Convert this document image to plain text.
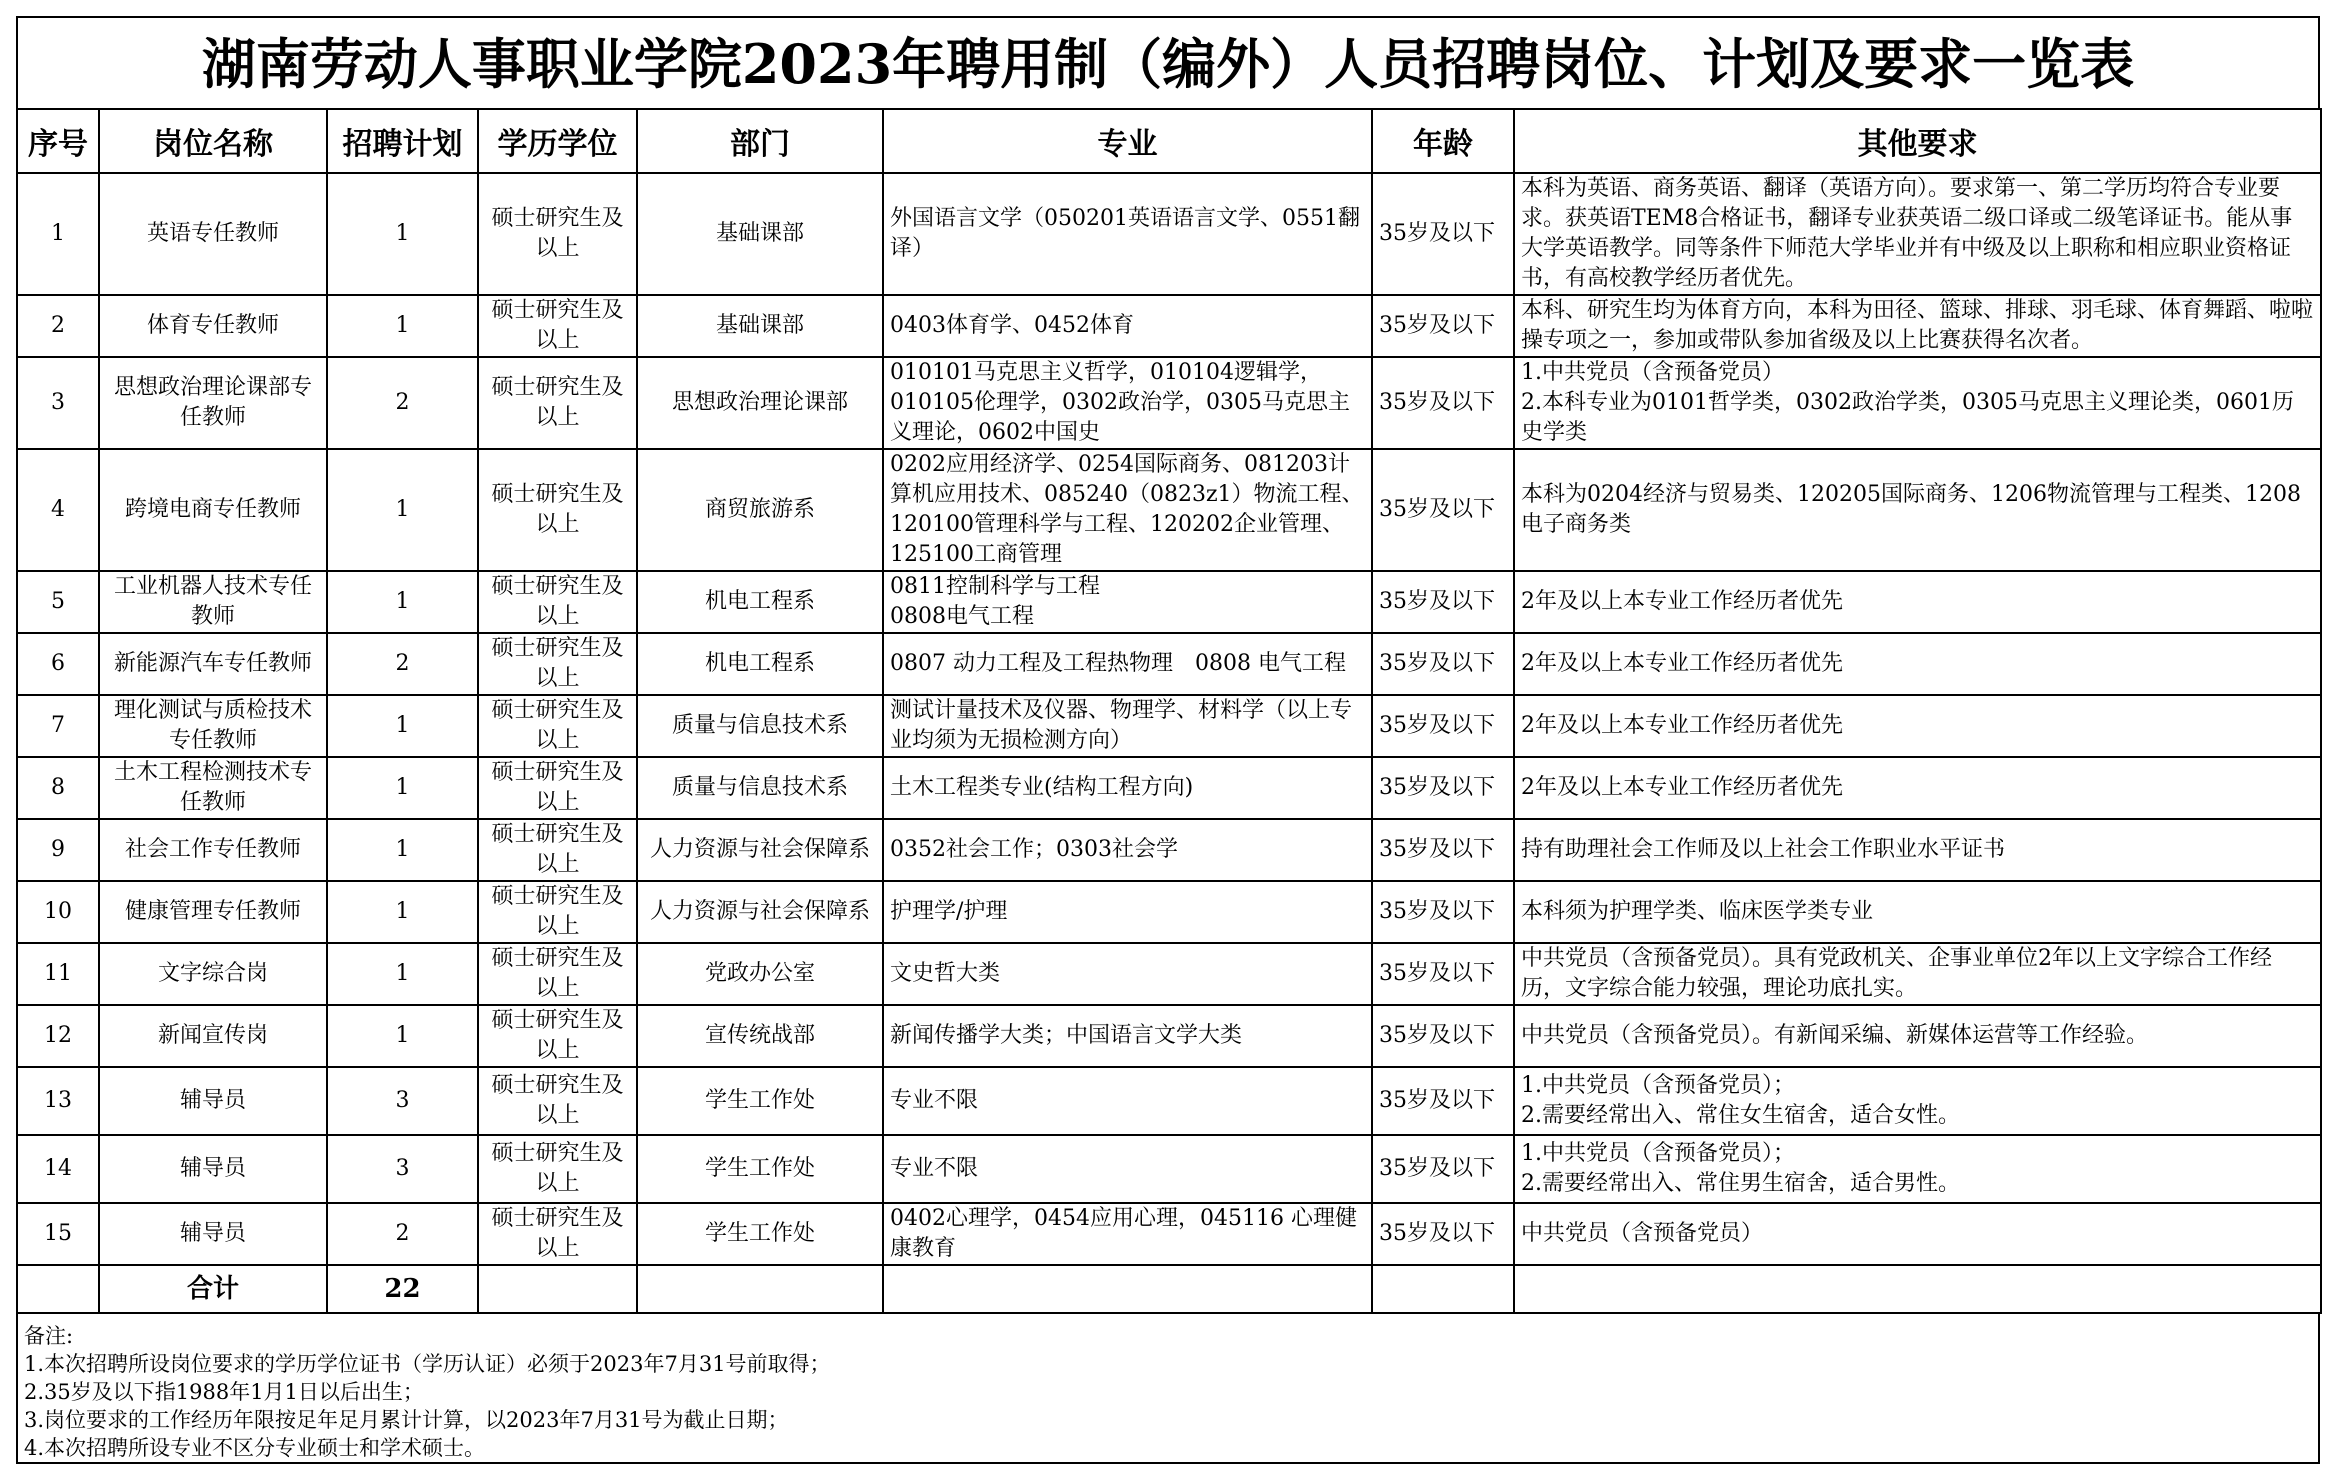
湖南劳动人事职业学院2023年聘用制（编外）人员招聘岗位、计划及要求一览表
序号	岗位名称	招聘计划	学历学位	部门	专业	年龄	其他要求
1	英语专任教师	1	硕士研究生及以上	基础课部	外国语言文学（050201英语语言文学、0551翻译）	35岁及以下	本科为英语、商务英语、翻译（英语方向）。要求第一、第二学历均符合专业要求。获英语TEM8合格证书，翻译专业获英语二级口译或二级笔译证书。能从事大学英语教学。同等条件下师范大学毕业并有中级及以上职称和相应职业资格证书，有高校教学经历者优先。
2	体育专任教师	1	硕士研究生及以上	基础课部	0403体育学、0452体育	35岁及以下	本科、研究生均为体育方向，本科为田径、篮球、排球、羽毛球、体育舞蹈、啦啦操专项之一，参加或带队参加省级及以上比赛获得名次者。
3	思想政治理论课部专任教师	2	硕士研究生及以上	思想政治理论课部	010101马克思主义哲学，010104逻辑学，010105伦理学，0302政治学，0305马克思主义理论，0602中国史	35岁及以下	1.中共党员（含预备党员）
2.本科专业为0101哲学类，0302政治学类，0305马克思主义理论类，0601历史学类
4	跨境电商专任教师	1	硕士研究生及以上	商贸旅游系	0202应用经济学、0254国际商务、081203计算机应用技术、085240（0823z1）物流工程、120100管理科学与工程、120202企业管理、125100工商管理	35岁及以下	本科为0204经济与贸易类、120205国际商务、1206物流管理与工程类、1208电子商务类
5	工业机器人技术专任教师	1	硕士研究生及以上	机电工程系	0811控制科学与工程
0808电气工程	35岁及以下	2年及以上本专业工作经历者优先
6	新能源汽车专任教师	2	硕士研究生及以上	机电工程系	0807 动力工程及工程热物理　0808 电气工程	35岁及以下	2年及以上本专业工作经历者优先
7	理化测试与质检技术专任教师	1	硕士研究生及以上	质量与信息技术系	测试计量技术及仪器、物理学、材料学（以上专业均须为无损检测方向）	35岁及以下	2年及以上本专业工作经历者优先
8	土木工程检测技术专任教师	1	硕士研究生及以上	质量与信息技术系	土木工程类专业(结构工程方向)	35岁及以下	2年及以上本专业工作经历者优先
9	社会工作专任教师	1	硕士研究生及以上	人力资源与社会保障系	0352社会工作；0303社会学	35岁及以下	持有助理社会工作师及以上社会工作职业水平证书
10	健康管理专任教师	1	硕士研究生及以上	人力资源与社会保障系	护理学/护理	35岁及以下	本科须为护理学类、临床医学类专业
11	文字综合岗	1	硕士研究生及以上	党政办公室	文史哲大类	35岁及以下	中共党员（含预备党员）。具有党政机关、企事业单位2年以上文字综合工作经历，文字综合能力较强，理论功底扎实。
12	新闻宣传岗	1	硕士研究生及以上	宣传统战部	新闻传播学大类；中国语言文学大类	35岁及以下	中共党员（含预备党员）。有新闻采编、新媒体运营等工作经验。
13	辅导员	3	硕士研究生及以上	学生工作处	专业不限	35岁及以下	1.中共党员（含预备党员）；
2.需要经常出入、常住女生宿舍，适合女性。
14	辅导员	3	硕士研究生及以上	学生工作处	专业不限	35岁及以下	1.中共党员（含预备党员）；
2.需要经常出入、常住男生宿舍，适合男性。
15	辅导员	2	硕士研究生及以上	学生工作处	0402心理学，0454应用心理，045116 心理健康教育	35岁及以下	中共党员（含预备党员）
	合计	22					
备注:
1.本次招聘所设岗位要求的学历学位证书（学历认证）必须于2023年7月31号前取得；
2.35岁及以下指1988年1月1日以后出生；
3.岗位要求的工作经历年限按足年足月累计计算，以2023年7月31号为截止日期；
4.本次招聘所设专业不区分专业硕士和学术硕士。
